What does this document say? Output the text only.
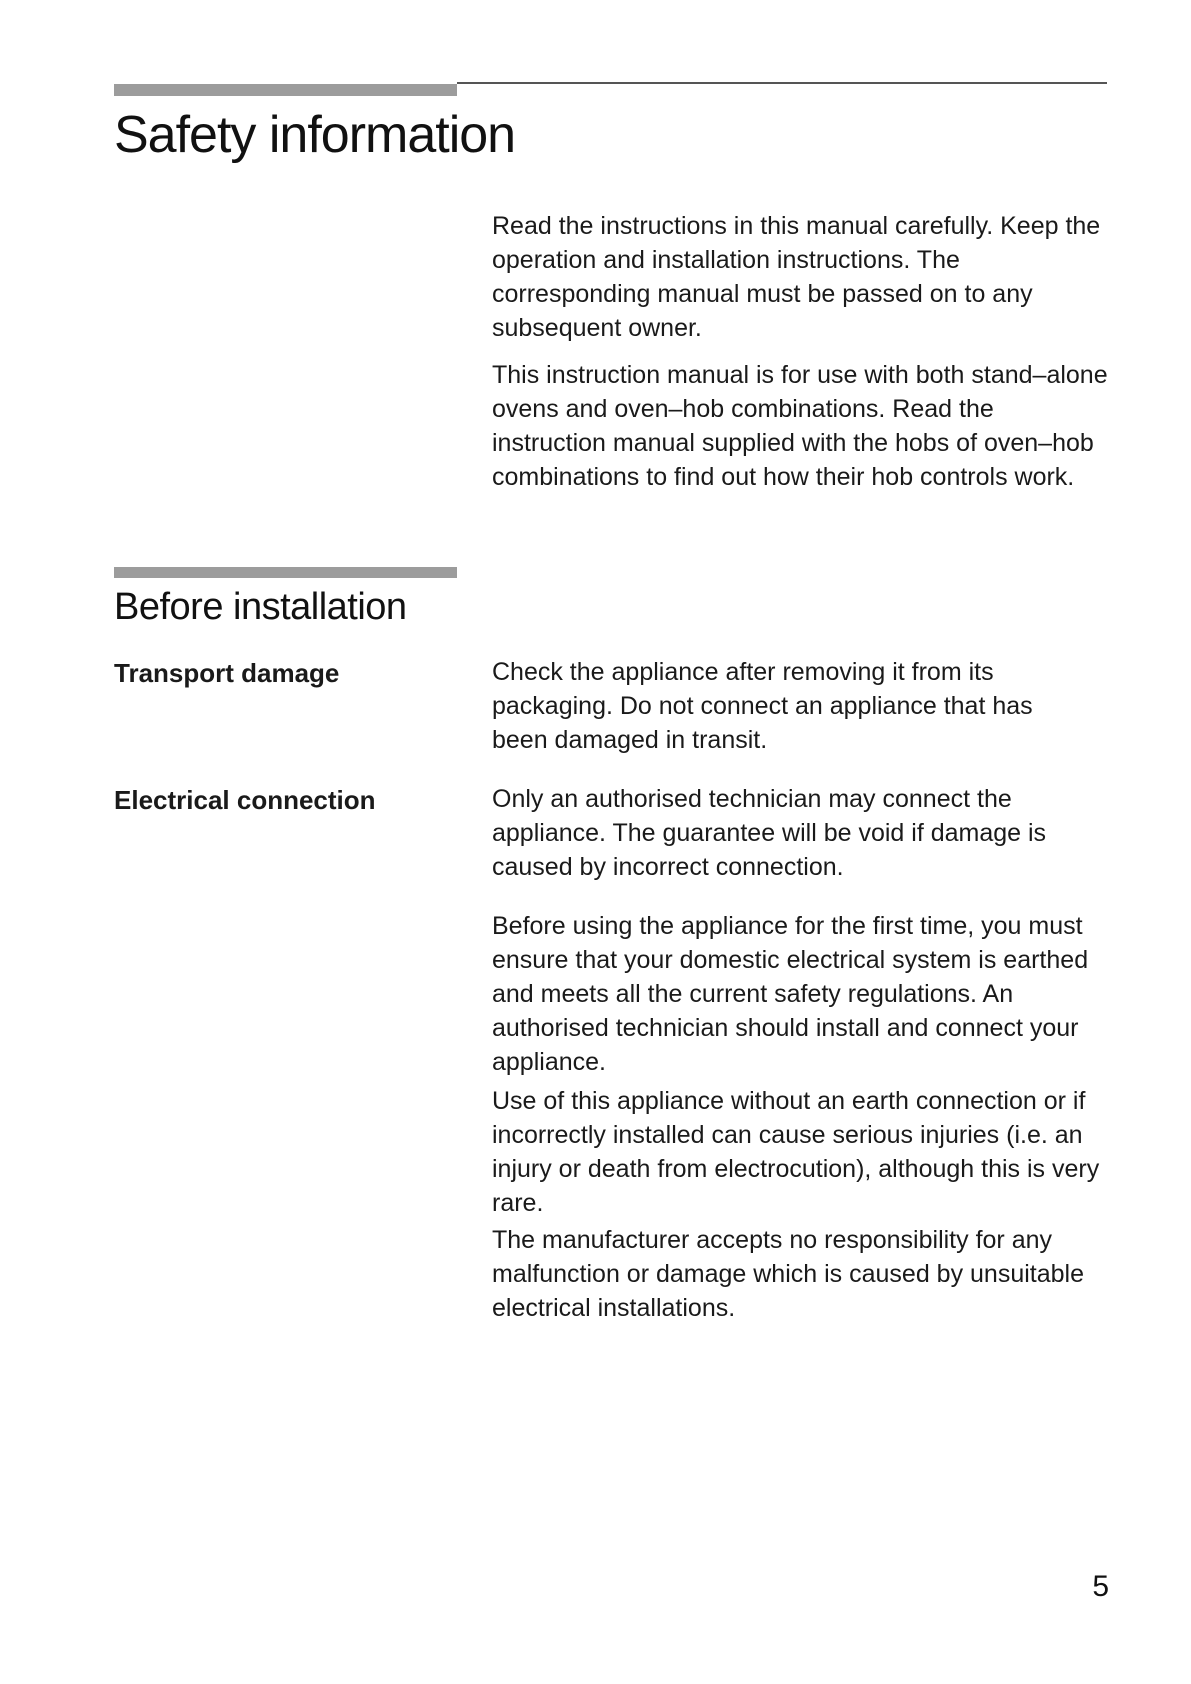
Safety information

Read the instructions in this manual carefully. Keep the operation and installation instructions. The corresponding manual must be passed on to any subsequent owner.

This instruction manual is for use with both stand–alone ovens and oven–hob combinations. Read the instruction manual supplied with the hobs of oven–hob combinations to find out how their hob controls work.

Before installation
Transport damage	Check the appliance after removing it from its packaging. Do not connect an appliance that has been damaged in transit.

Electrical connection	Only an authorised technician may connect the appliance. The guarantee will be void if damage is caused by incorrect connection.

Before using the appliance for the first time, you must ensure that your domestic electrical system is earthed and meets all the current safety regulations. An authorised technician should install and connect your appliance.

Use of this appliance without an earth connection or if incorrectly installed can cause serious injuries (i.e. an injury or death from electrocution), although this is very rare.

The manufacturer accepts no responsibility for any malfunction or damage which is caused by unsuitable electrical installations.

5
